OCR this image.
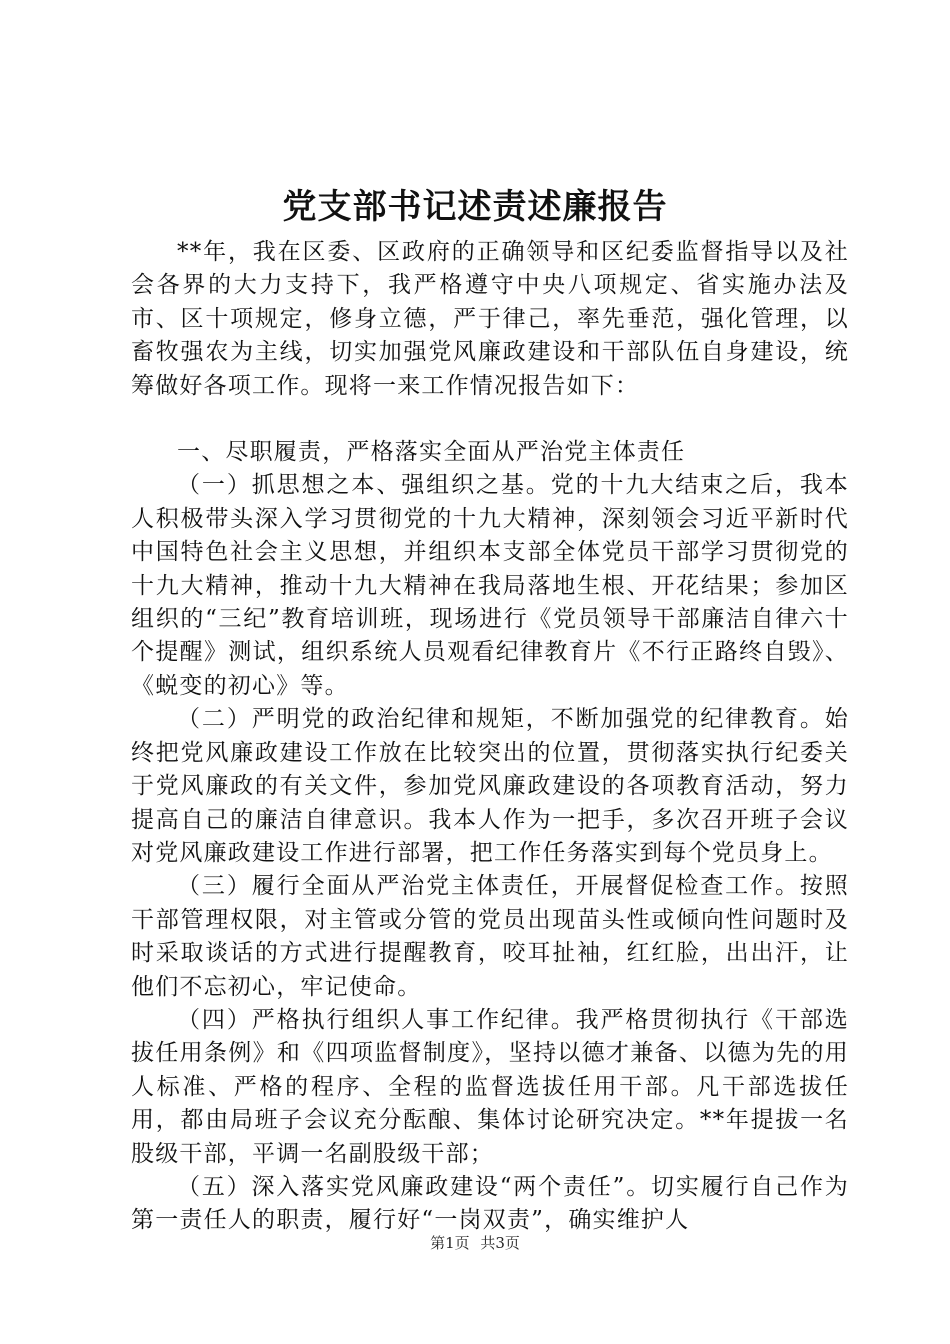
党支部书记述责述廉报告

**年，我在区委、区政府的正确领导和区纪委监督指导以及社会各界的大力支持下，我严格遵守中央八项规定、省实施办法及市、区十项规定，修身立德，严于律己，率先垂范，强化管理，以畜牧强农为主线，切实加强党风廉政建设和干部队伍自身建设，统筹做好各项工作。现将一来工作情况报告如下：

一、尽职履责，严格落实全面从严治党主体责任

（一）抓思想之本、强组织之基。党的十九大结束之后，我本人积极带头深入学习贯彻党的十九大精神，深刻领会习近平新时代中国特色社会主义思想，并组织本支部全体党员干部学习贯彻党的十九大精神，推动十九大精神在我局落地生根、开花结果；参加区组织的“三纪”教育培训班，现场进行《党员领导干部廉洁自律六十个提醒》测试，组织系统人员观看纪律教育片《不行正路终自毁》、《蜕变的初心》等。

（二）严明党的政治纪律和规矩，不断加强党的纪律教育。始终把党风廉政建设工作放在比较突出的位置，贯彻落实执行纪委关于党风廉政的有关文件，参加党风廉政建设的各项教育活动，努力提高自己的廉洁自律意识。我本人作为一把手，多次召开班子会议对党风廉政建设工作进行部署，把工作任务落实到每个党员身上。

（三）履行全面从严治党主体责任，开展督促检查工作。按照干部管理权限，对主管或分管的党员出现苗头性或倾向性问题时及时采取谈话的方式进行提醒教育，咬耳扯袖，红红脸，出出汗，让他们不忘初心，牢记使命。

（四）严格执行组织人事工作纪律。我严格贯彻执行《干部选拔任用条例》和《四项监督制度》，坚持以德才兼备、以德为先的用人标准、严格的程序、全程的监督选拔任用干部。凡干部选拔任用，都由局班子会议充分酝酿、集体讨论研究决定。**年提拔一名股级干部，平调一名副股级干部；

（五）深入落实党风廉政建设“两个责任”。切实履行自己作为第一责任人的职责，履行好“一岗双责”，确实维护人

第1页 共3页
